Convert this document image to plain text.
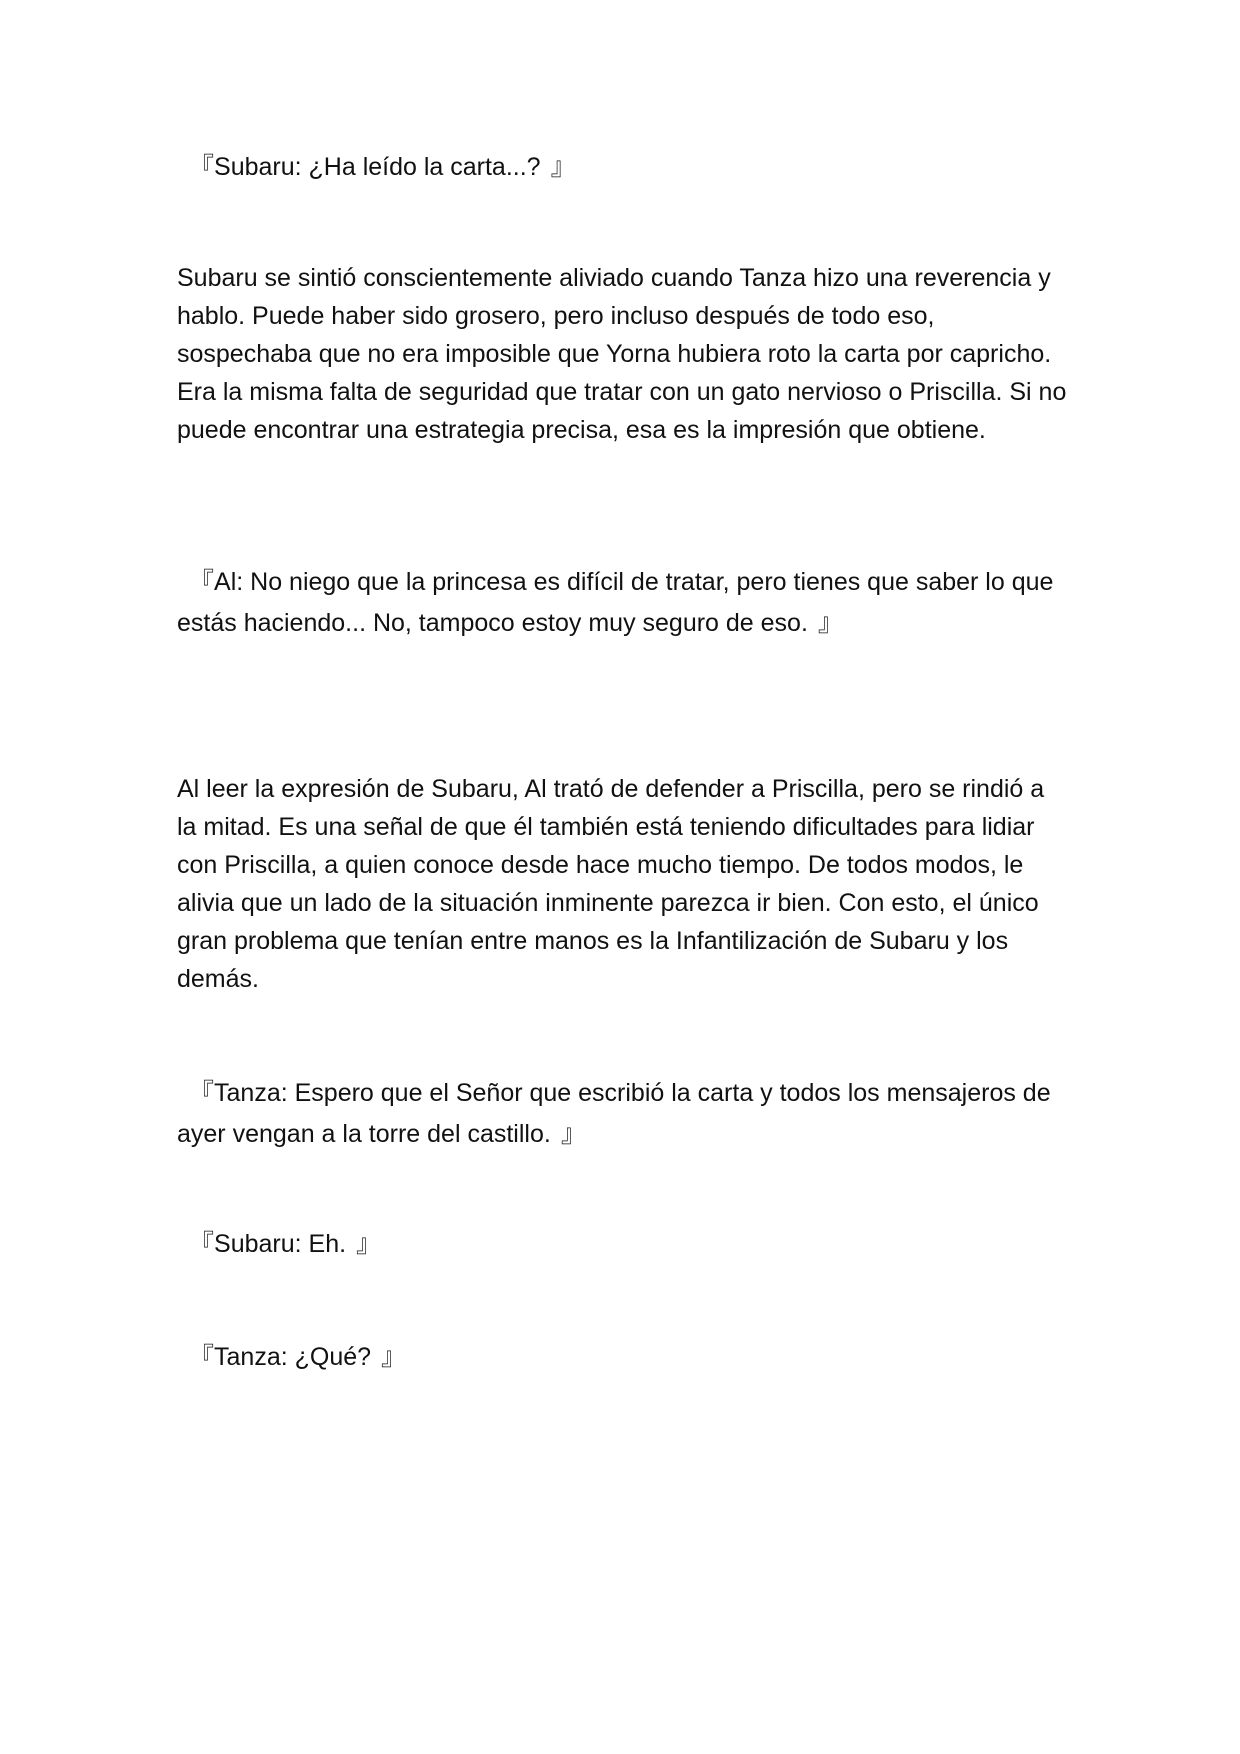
『Subaru: ¿Ha leído la carta...? 』

Subaru se sintió conscientemente aliviado cuando Tanza hizo una reverencia y hablo. Puede haber sido grosero, pero incluso después de todo eso, sospechaba que no era imposible que Yorna hubiera roto la carta por capricho. Era la misma falta de seguridad que tratar con un gato nervioso o Priscilla. Si no puede encontrar una estrategia precisa, esa es la impresión que obtiene.

『Al: No niego que la princesa es difícil de tratar, pero tienes que saber lo que estás haciendo... No, tampoco estoy muy seguro de eso. 』

Al leer la expresión de Subaru, Al trató de defender a Priscilla, pero se rindió a la mitad. Es una señal de que él también está teniendo dificultades para lidiar con Priscilla, a quien conoce desde hace mucho tiempo. De todos modos, le alivia que un lado de la situación inminente parezca ir bien. Con esto, el único gran problema que tenían entre manos es la Infantilización de Subaru y los demás.

『Tanza: Espero que el Señor que escribió la carta y todos los mensajeros de ayer vengan a la torre del castillo. 』

『Subaru: Eh. 』

『Tanza: ¿Qué? 』
